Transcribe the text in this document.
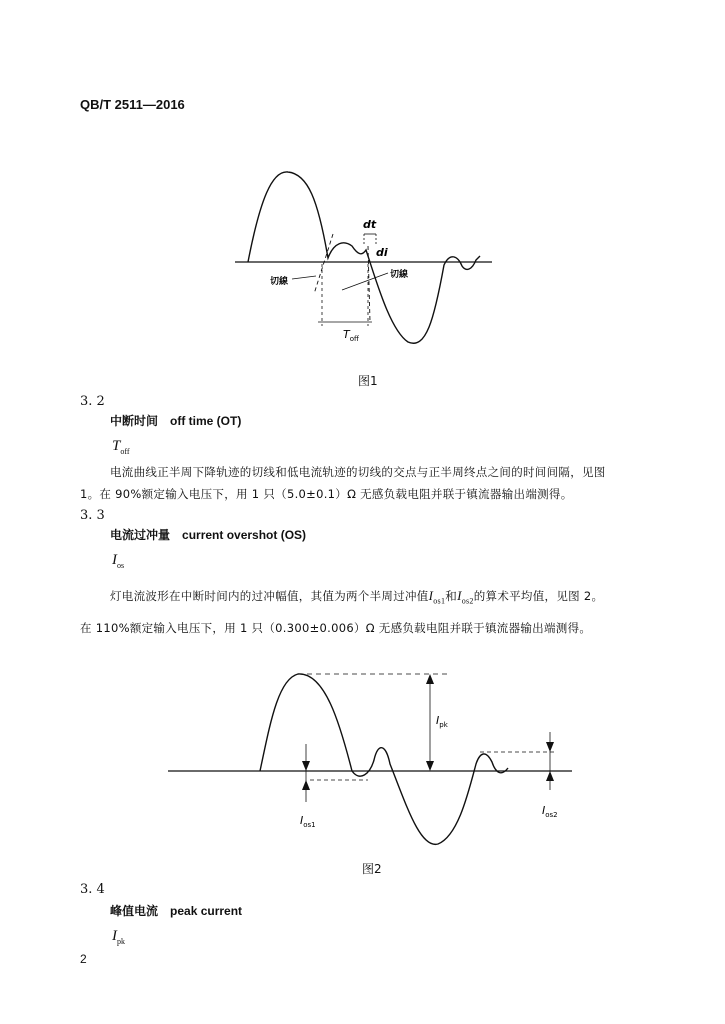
QB/T 2511—2016
dt
di
切線
切線
$T_{off}$
图1
3. 2
中断时间 off time (OT)
$T_{off}$
电流曲线正半周下降轨迹的切线和低电流轨迹的切线的交点与正半周终点之间的时间间隔，见图
1。在 90%额定输入电压下，用 1 只（5.0±0.1）Ω 无感负载电阻并联于镇流器输出端测得。
3. 3
电流过冲量 current overshot (OS)
$I_{os}$
灯电流波形在中断时间内的过冲幅值，其值为两个半周过冲值$I_{os1}$和$I_{os2}$的算术平均值，见图 2。
在 110%额定输入电压下，用 1 只（0.300±0.006）Ω 无感负载电阻并联于镇流器输出端测得。
$I_{pk}$
$I_{os1}$
$I_{os2}$
图2
3. 4
峰值电流 peak current
$I_{pk}$
2
